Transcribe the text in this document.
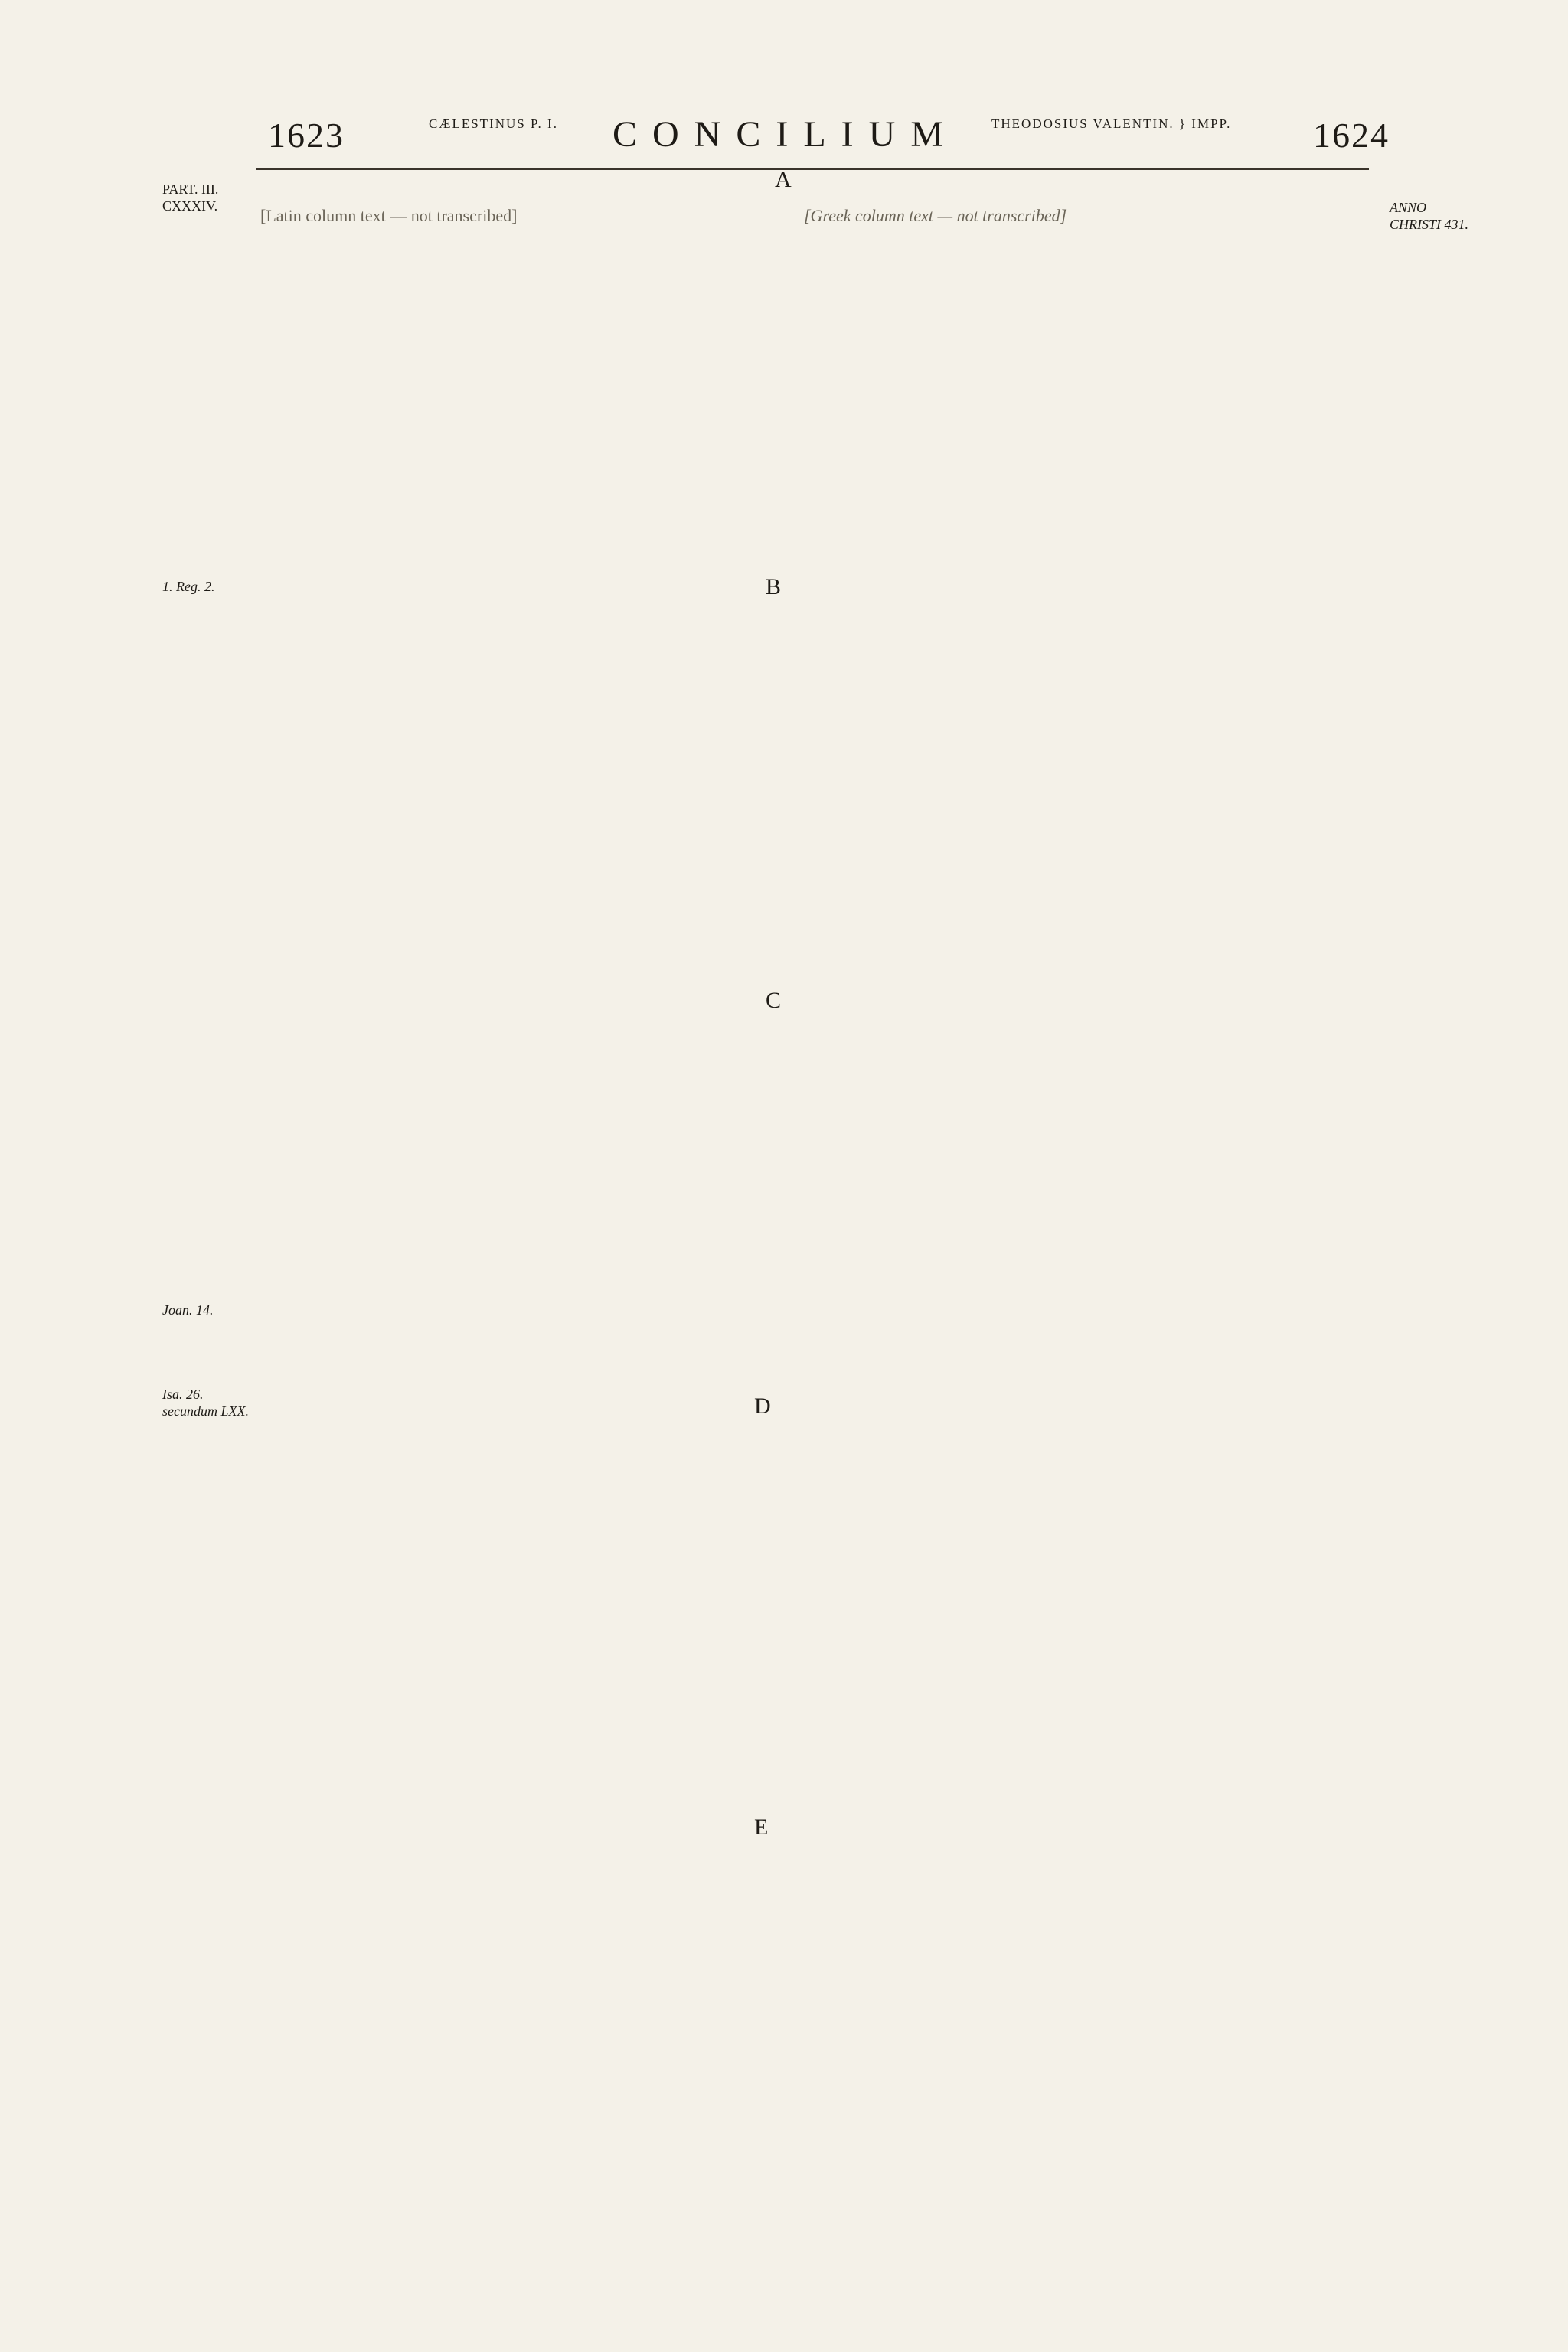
1623	CÆLESTINUS P. I. CONCILIUM	THEODOSIUS VALENTIN. } IMPP. 1624
ANNO CHRISTI 431.
PART. III. CXXXIV.
1. Reg. 2.
Joan. 14.
Isa. 26. secundum LXX.
A
B
C
D
E

[Latin column text — not transcribed]	[Greek column text — not transcribed]
